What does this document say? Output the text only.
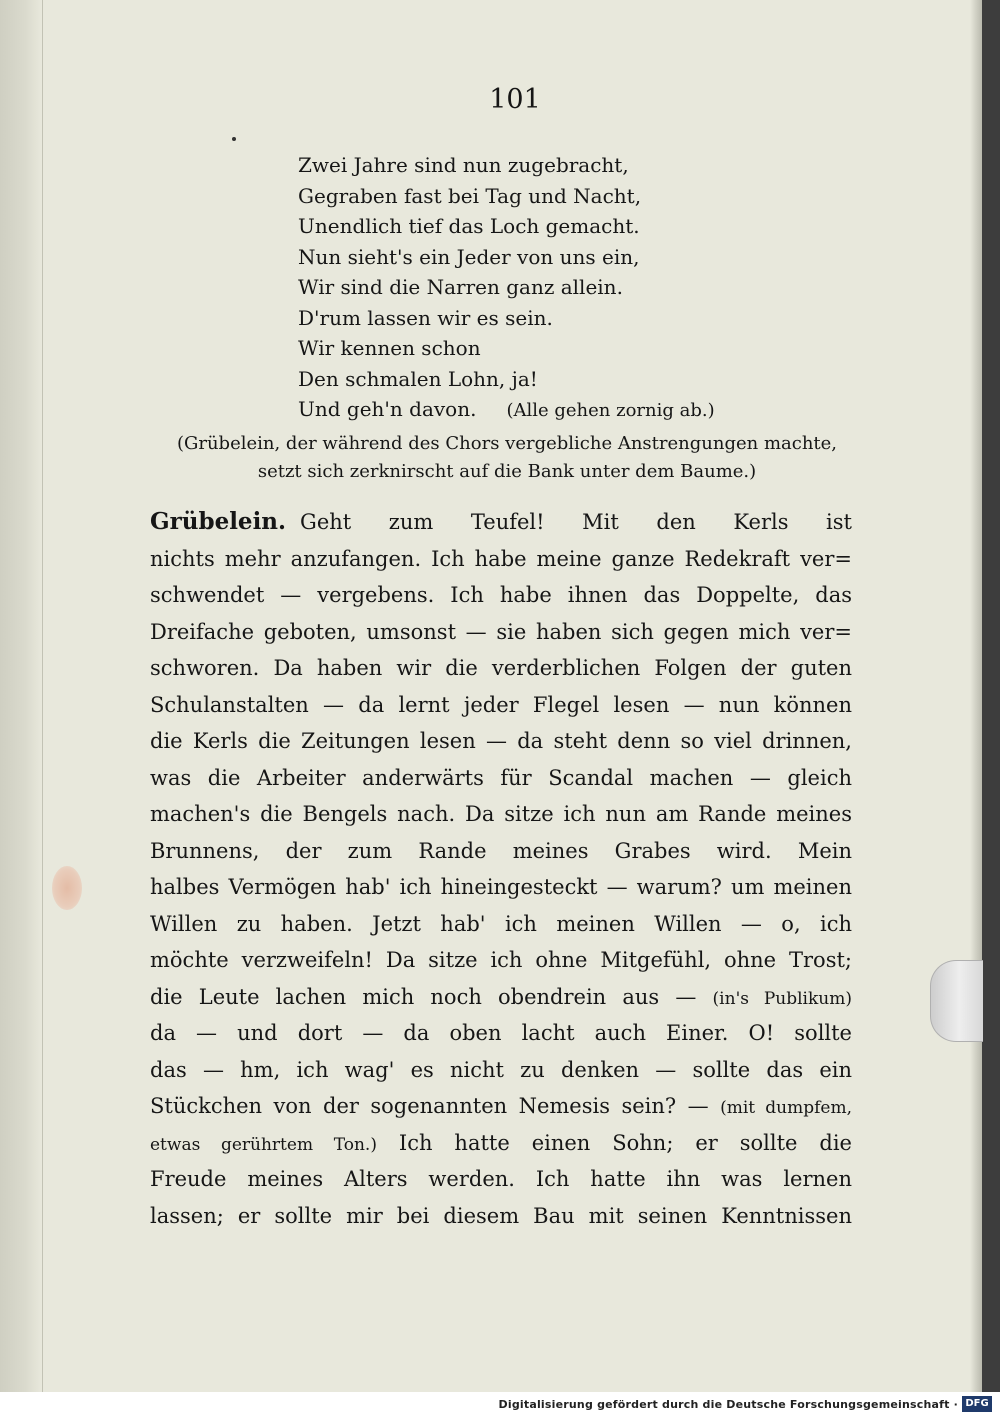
101
Zwei Jahre sind nun zugebracht,
Gegraben fast bei Tag und Nacht,
Unendlich tief das Loch gemacht.
Nun sieht's ein Jeder von uns ein,
Wir sind die Narren ganz allein.
D'rum lassen wir es sein.
Wir kennen schon
Den schmalen Lohn, ja!
Und geh'n davon. (Alle gehen zornig ab.)
(Grübelein, der während des Chors vergebliche Anstrengungen machte,
setzt sich zerknirscht auf die Bank unter dem Baume.)
Grübelein. Geht zum Teufel! Mit den Kerls ist
nichts mehr anzufangen. Ich habe meine ganze Redekraft ver=
schwendet — vergebens. Ich habe ihnen das Doppelte, das
Dreifache geboten, umsonst — sie haben sich gegen mich ver=
schworen. Da haben wir die verderblichen Folgen der guten
Schulanstalten — da lernt jeder Flegel lesen — nun können
die Kerls die Zeitungen lesen — da steht denn so viel drinnen,
was die Arbeiter anderwärts für Scandal machen — gleich
machen's die Bengels nach. Da sitze ich nun am Rande meines
Brunnens, der zum Rande meines Grabes wird. Mein
halbes Vermögen hab' ich hineingesteckt — warum? um meinen
Willen zu haben. Jetzt hab' ich meinen Willen — o, ich
möchte verzweifeln! Da sitze ich ohne Mitgefühl, ohne Trost;
die Leute lachen mich noch obendrein aus — (in's Publikum)
da — und dort — da oben lacht auch Einer. O! sollte
das — hm, ich wag' es nicht zu denken — sollte das ein
Stückchen von der sogenannten Nemesis sein? — (mit dumpfem,
etwas gerührtem Ton.) Ich hatte einen Sohn; er sollte die
Freude meines Alters werden. Ich hatte ihn was lernen
lassen; er sollte mir bei diesem Bau mit seinen Kenntnissen
Digitalisierung gefördert durch die Deutsche Forschungsgemeinschaft · DFG
